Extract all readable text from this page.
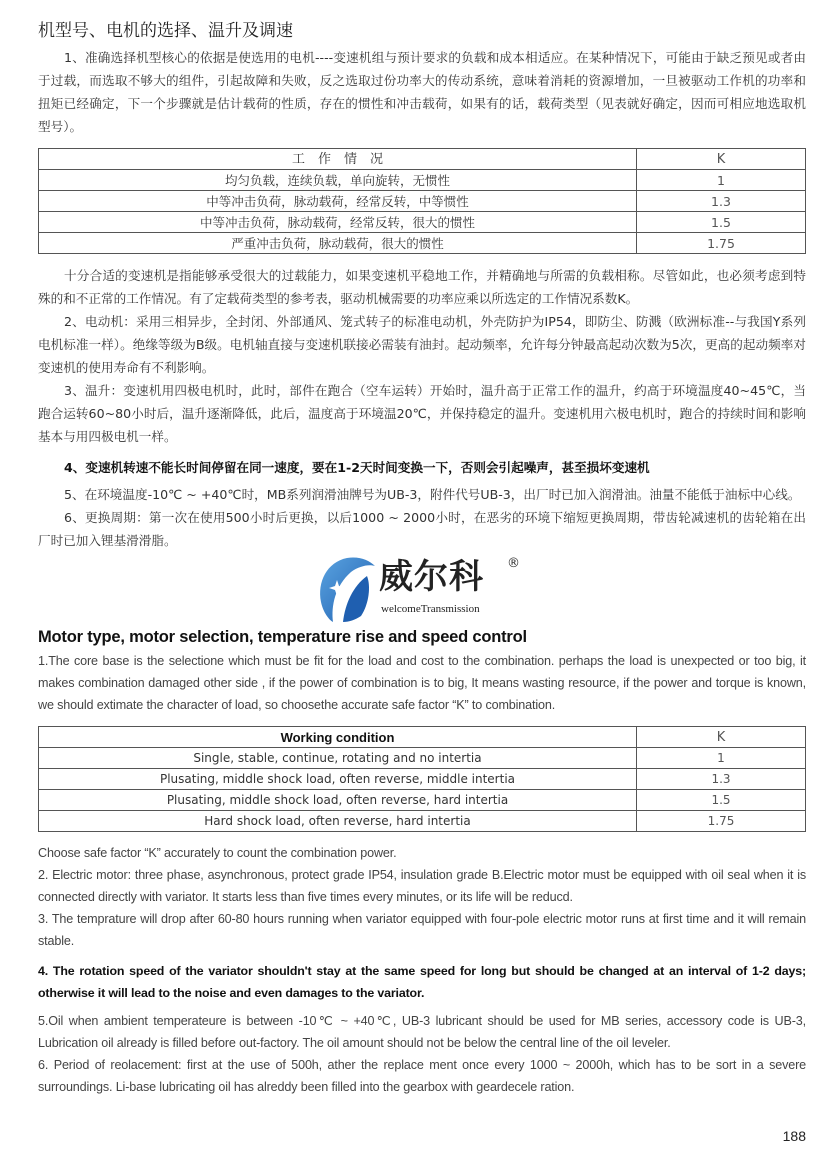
机型号、电机的选择、温升及调速

1、准确选择机型核心的依据是使选用的电机----变速机组与预计要求的负载和成本相适应。在某种情况下，可能由于缺乏预见或者由于过载，而选取不够大的组件，引起故障和失败，反之选取过份功率大的传动系统，意味着消耗的资源增加，一旦被驱动工作机的功率和扭矩已经确定，下一个步骤就是估计载荷的性质，存在的惯性和冲击载荷，如果有的话，载荷类型（见表就好确定，因而可相应地选取机型号）。

工　作　情　况	K
均匀负载，连续负载，单向旋转，无惯性	1
中等冲击负荷，脉动载荷，经常反转，中等惯性	1.3
中等冲击负荷，脉动载荷，经常反转，很大的惯性	1.5
严重冲击负荷，脉动载荷，很大的惯性	1.75

十分合适的变速机是指能够承受很大的过载能力，如果变速机平稳地工作，并精确地与所需的负载相称。尽管如此，也必须考虑到特殊的和不正常的工作情况。有了定载荷类型的参考表，驱动机械需要的功率应乘以所选定的工作情况系数K。

2、电动机：采用三相异步，全封闭、外部通风、笼式转子的标准电动机，外壳防护为IP54，即防尘、防溅（欧洲标准--与我国Y系列电机标准一样）。绝缘等级为B级。电机轴直接与变速机联接必需装有油封。起动频率，允许每分钟最高起动次数为5次，更高的起动频率对变速机的使用寿命有不利影响。

3、温升：变速机用四极电机时，此时，部件在跑合（空车运转）开始时，温升高于正常工作的温升，约高于环境温度40~45℃，当跑合运转60~80小时后，温升逐渐降低，此后，温度高于环境温20℃，并保持稳定的温升。变速机用六极电机时，跑合的持续时间和影响基本与用四极电机一样。

4、变速机转速不能长时间停留在同一速度，要在1-2天时间变换一下，否则会引起噪声，甚至损坏变速机

5、在环境温度-10℃ ~ +40℃时，MB系列润滑油牌号为UB-3，附件代号UB-3，出厂时已加入润滑油。油量不能低于油标中心线。

6、更换周期：第一次在使用500小时后更换，以后1000 ~ 2000小时，在恶劣的环境下缩短更换周期，带齿轮减速机的齿轮箱在出厂时已加入锂基滑滑脂。

威尔科 ®
welcomeTransmission
Motor type, motor selection, temperature rise and speed control

1.The core base is the selectione which must be fit for the load and cost to the combination. perhaps the load is unexpected or too big, it makes combination damaged other side , if the power of combination is to big, It means wasting resource, if the power and torque is known, we should extimate the character of load, so choosethe accurate safe factor “K” to combination.

Working condition	K
Single, stable, continue, rotating and no intertia	1
Plusating, middle shock load, often reverse, middle intertia	1.3
Plusating, middle shock load, often reverse, hard intertia	1.5
Hard shock load, often reverse, hard intertia	1.75

Choose safe factor “K” accurately to count the combination power.

2. Electric motor: three phase, asynchronous, protect grade IP54, insulation grade B.Electric motor must be equipped with oil seal when it is connected directly with variator. It starts less than five times every minutes, or its life will be reducd.

3. The temprature will drop after 60-80 hours running when variator equipped with four-pole electric motor runs at first time and it will remain stable.

4. The rotation speed of the variator shouldn't stay at the same speed for long but should be changed at an interval of 1-2 days; otherwise it will lead to the noise and even damages to the variator.

5.Oil when ambient temperateure is between -10℃ ~ +40℃, UB-3 lubricant should be used for MB series, accessory code is UB-3, Lubrication oil already is filled before out-factory. The oil amount should not be below the central line of the oil leveler.

6. Period of reolacement: first at the use of 500h, ather the replace ment once every 1000 ~ 2000h, which has to be sort in a severe surroundings. Li-base lubricating oil has alreddy been filled into the gearbox with geardecele ration.

188
